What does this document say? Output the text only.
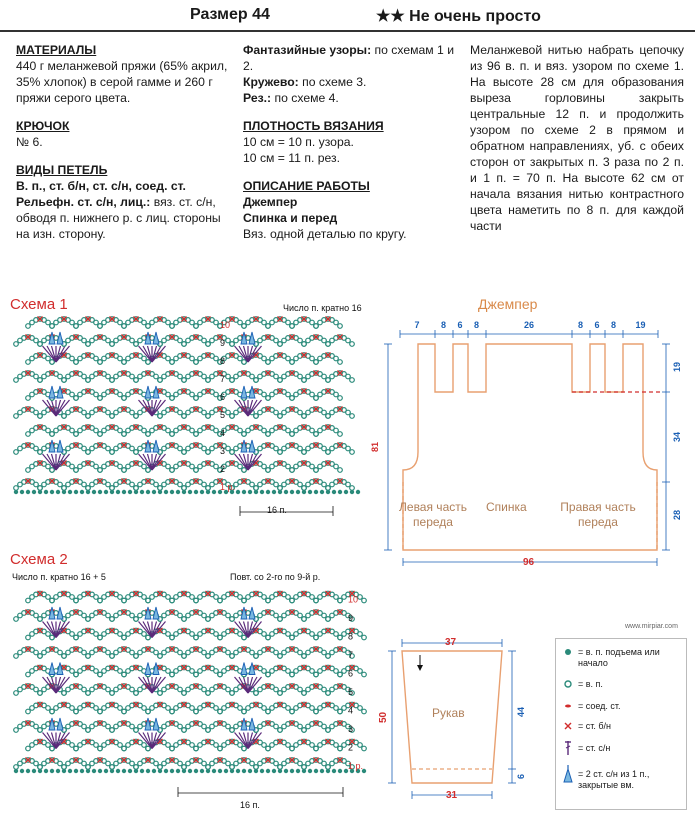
Размер 44	★★ Не очень просто
МАТЕРИАЛЫ
440 г меланжевой пряжи (65% акрил, 35% хлопок) в серой гамме и 260 г пряжи серого цвета.
КРЮЧОК
№ 6.
ВИДЫ ПЕТЕЛЬ
В. п., ст. б/н, ст. с/н, соед. ст.
Рельефн. ст. с/н, лиц.: вяз. ст. с/н, обводя п. нижнего р. с лиц. стороны на изн. сторону.
Фантазийные узоры: по схемам 1 и 2.
Кружево: по схеме 3.
Рез.: по схеме 4.
ПЛОТНОСТЬ ВЯЗАНИЯ
10 см = 10 п. узора.
10 см = 11 п. рез.
ОПИСАНИЕ РАБОТЫ
Джемпер
Спинка и перед
Вяз. одной деталью по кругу.
Меланжевой нитью набрать цепочку из 96 в. п. и вяз. узором по схеме 1. На высоте 28 см для образования выреза горловины закрыть центральные 12 п. и продолжить узором по схеме 2 в прямом и обратном направлениях, уб. с обеих сторон от закрытых п. 3 раза по 2 п. и 1 п. = 70 п. На высоте 62 см от начала вязания нитью контрастного цвета наметить по 8 п. для каждой части
Схема 1	Число п. кратно 16
1 р.
2
3
4
5
6
7
8
9
10
16 п.
Схема 2
Число п. кратно 16 + 5	Повт. со 2-го по 9-й р.
1 р.
2
3
4
5
6
7
8
9
10
16 п.
Джемпер
7 8 6 8	26	8 6 8 19
81
19
34
28
96
Левая часть переда
Спинка	Правая часть переда
37
50	44
6
31
Рукав
= в. п. подъема или начало
= в. п.
= соед. ст.
= ст. б/н
= ст. с/н
= 2 ст. с/н из 1 п., закрытые вм.
www.mirpiar.com
